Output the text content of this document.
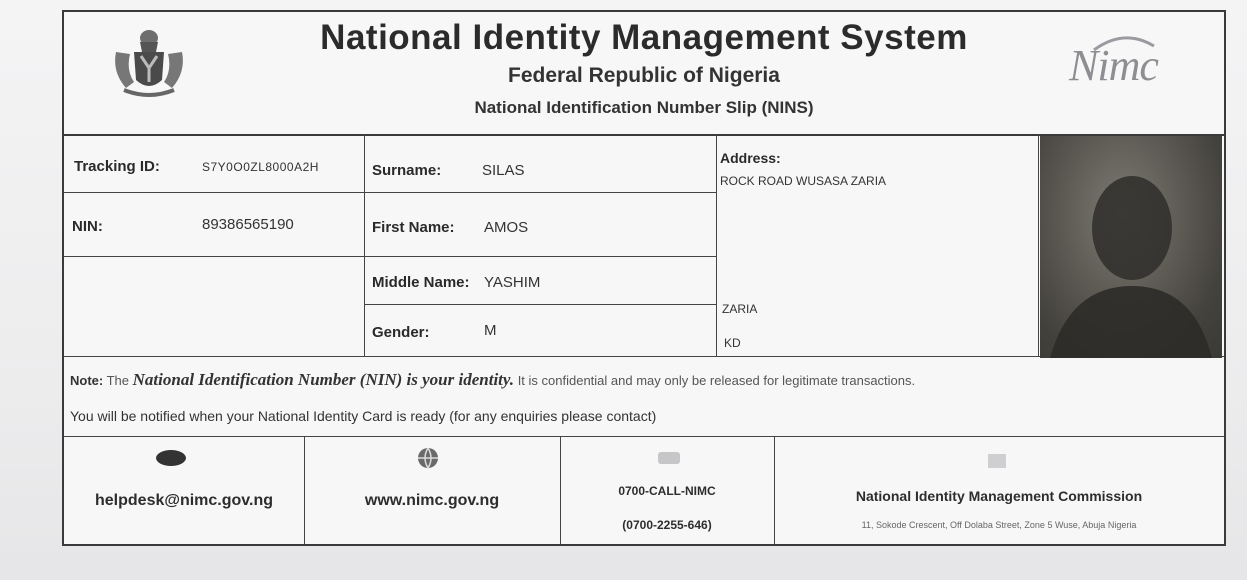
National Identity Management System
Federal Republic of Nigeria
National Identification Number Slip (NINS)
Nimc
Tracking ID:	S7Y0O0ZL8000A2H
NIN:	89386565190
Surname:	SILAS
First Name: AMOS
Middle Name: YASHIM
Gender:	M
Address:
ROCK ROAD WUSASA ZARIA
ZARIA
KD
Note: The National Identification Number (NIN) is your identity. It is confidential and may only be released for legitimate transactions.
You will be notified when your National Identity Card is ready (for any enquiries please contact)
helpdesk@nimc.gov.ng	www.nimc.gov.ng
0700-CALL-NIMC
(0700-2255-646)
National Identity Management Commission
11, Sokode Crescent, Off Dolaba Street, Zone 5 Wuse, Abuja Nigeria
